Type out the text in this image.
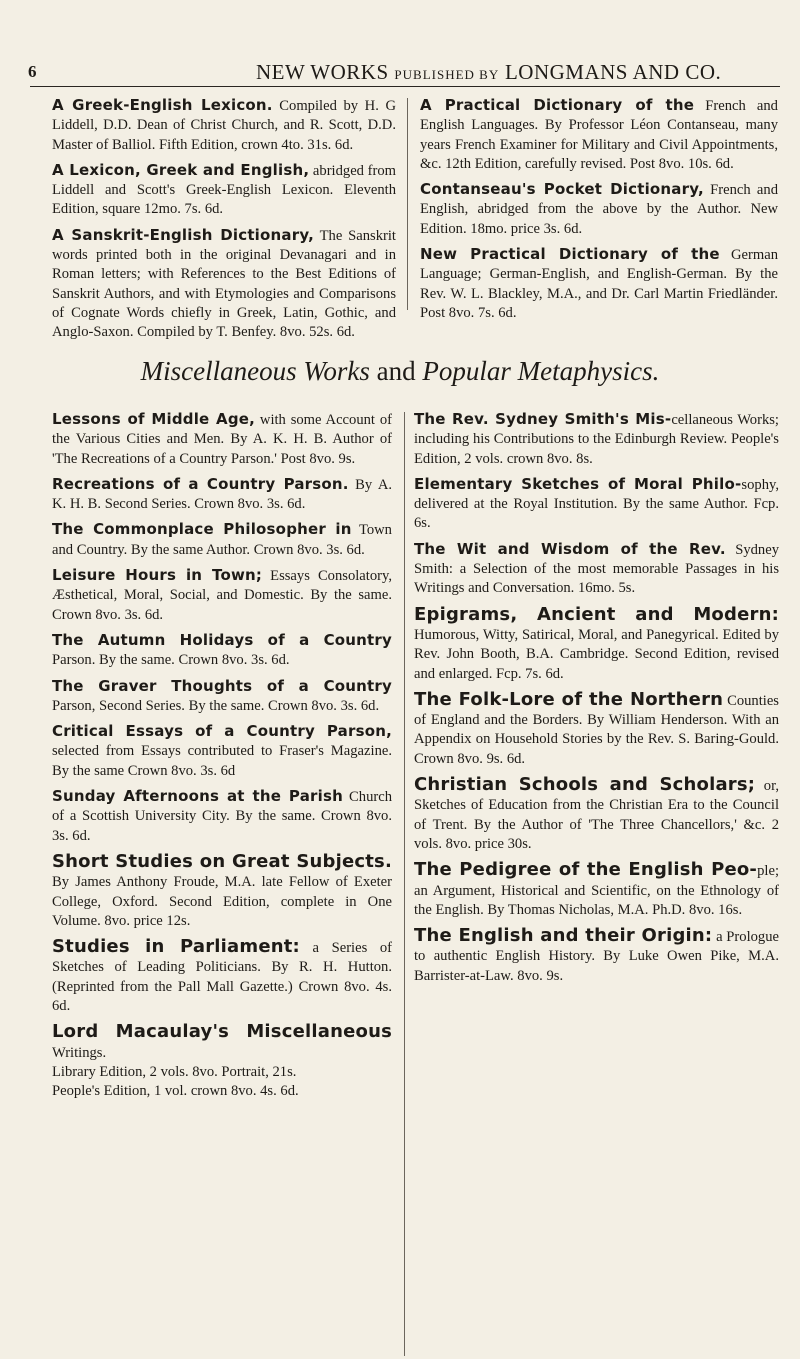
6	NEW WORKS PUBLISHED BY LONGMANS AND CO.

A Greek-English Lexicon. Compiled by H. G Liddell, D.D. Dean of Christ Church, and R. Scott, D.D. Master of Balliol. Fifth Edition, crown 4to. 31s. 6d.

A Lexicon, Greek and English, abridged from Liddell and Scott's Greek-English Lexicon. Eleventh Edition, square 12mo. 7s. 6d.

A Sanskrit-English Dictionary, The Sanskrit words printed both in the original Devanagari and in Roman letters; with References to the Best Editions of Sanskrit Authors, and with Etymologies and Comparisons of Cognate Words chiefly in Greek, Latin, Gothic, and Anglo-Saxon. Compiled by T. Benfey. 8vo. 52s. 6d.

A Practical Dictionary of the French and English Languages. By Professor Léon Contanseau, many years French Examiner for Military and Civil Appointments, &c. 12th Edition, carefully revised. Post 8vo. 10s. 6d.

Contanseau's Pocket Dictionary, French and English, abridged from the above by the Author. New Edition. 18mo. price 3s. 6d.

New Practical Dictionary of the German Language; German-English, and English-German. By the Rev. W. L. Blackley, M.A., and Dr. Carl Martin Friedländer. Post 8vo. 7s. 6d.

Miscellaneous Works and Popular Metaphysics.

Lessons of Middle Age, with some Account of the Various Cities and Men. By A. K. H. B. Author of 'The Recreations of a Country Parson.' Post 8vo. 9s.

Recreations of a Country Parson. By A. K. H. B. Second Series. Crown 8vo. 3s. 6d.

The Commonplace Philosopher in Town and Country. By the same Author. Crown 8vo. 3s. 6d.

Leisure Hours in Town; Essays Consolatory, Æsthetical, Moral, Social, and Domestic. By the same. Crown 8vo. 3s. 6d.

The Autumn Holidays of a Country Parson. By the same. Crown 8vo. 3s. 6d.

The Graver Thoughts of a Country Parson, Second Series. By the same. Crown 8vo. 3s. 6d.

Critical Essays of a Country Parson, selected from Essays contributed to Fraser's Magazine. By the same Crown 8vo. 3s. 6d

Sunday Afternoons at the Parish Church of a Scottish University City. By the same. Crown 8vo. 3s. 6d.

Short Studies on Great Subjects. By James Anthony Froude, M.A. late Fellow of Exeter College, Oxford. Second Edition, complete in One Volume. 8vo. price 12s.

Studies in Parliament: a Series of Sketches of Leading Politicians. By R. H. Hutton. (Reprinted from the Pall Mall Gazette.) Crown 8vo. 4s. 6d.

Lord Macaulay's Miscellaneous Writings.

Library Edition, 2 vols. 8vo. Portrait, 21s.

People's Edition, 1 vol. crown 8vo. 4s. 6d.

The Rev. Sydney Smith's Mis-cellaneous Works; including his Contributions to the Edinburgh Review. People's Edition, 2 vols. crown 8vo. 8s.

Elementary Sketches of Moral Philo-sophy, delivered at the Royal Institution. By the same Author. Fcp. 6s.

The Wit and Wisdom of the Rev. Sydney Smith: a Selection of the most memorable Passages in his Writings and Conversation. 16mo. 5s.

Epigrams, Ancient and Modern: Humorous, Witty, Satirical, Moral, and Panegyrical. Edited by Rev. John Booth, B.A. Cambridge. Second Edition, revised and enlarged. Fcp. 7s. 6d.

The Folk-Lore of the Northern Counties of England and the Borders. By William Henderson. With an Appendix on Household Stories by the Rev. S. Baring-Gould. Crown 8vo. 9s. 6d.

Christian Schools and Scholars; or, Sketches of Education from the Christian Era to the Council of Trent. By the Author of 'The Three Chancellors,' &c. 2 vols. 8vo. price 30s.

The Pedigree of the English Peo-ple; an Argument, Historical and Scientific, on the Ethnology of the English. By Thomas Nicholas, M.A. Ph.D. 8vo. 16s.

The English and their Origin: a Prologue to authentic English History. By Luke Owen Pike, M.A. Barrister-at-Law. 8vo. 9s.
